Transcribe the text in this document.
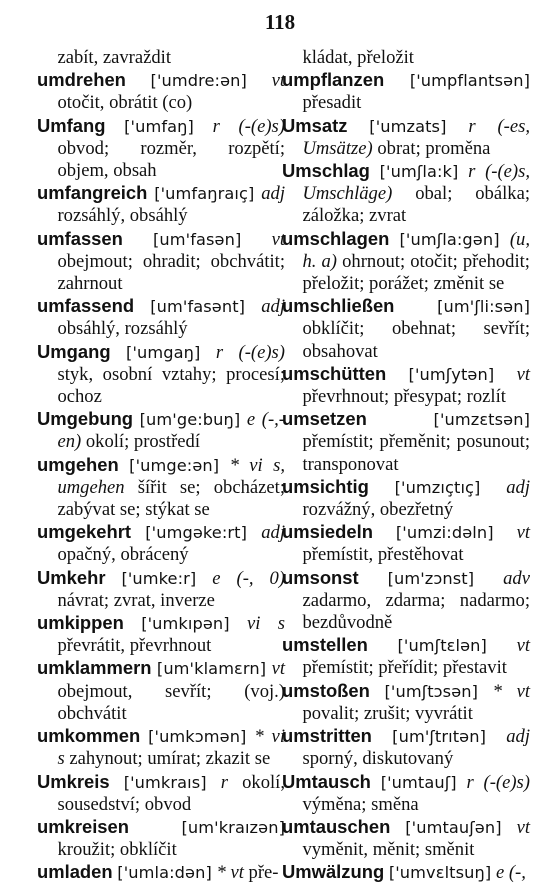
118

zabít, zavraždit

umdrehen ['umdre:ən] vt otočit, obrátit (co)

Umfang ['umfaŋ] r (-(e)s) obvod; rozměr, rozpětí; objem, obsah

umfangreich ['umfaŋraıç] adj rozsáhlý, obsáhlý

umfassen [um'fasən] vt obejmout; ohradit; obchvátit; zahrnout

umfassend [um'fasənt] adj obsáhlý, rozsáhlý

Umgang ['umgaŋ] r (-(e)s) styk, osobní vztahy; procesí; ochoz

Umgebung [um'ge:buŋ] e (-,-en) okolí; prostředí

umgehen ['umge:ən] * vi s, umgehen šířit se; obcházet; zabývat se; stýkat se

umgekehrt ['umgəke:rt] adj opačný, obrácený

Umkehr ['umke:r] e (-, 0) návrat; zvrat, inverze

umkippen ['umkıpən] vi s převrátit, převrhnout

umklammern [um'klamɛrn] vt obejmout, sevřít; (voj.) obchvátit

umkommen ['umkɔmən] * vi s zahynout; umírat; zkazit se

Umkreis ['umkraıs] r okolí, sousedství; obvod

umkreisen	[um'kraızən] kroužit; obklíčit

umladen ['umla:dən] * vt pře-

kládat, přeložit

umpflanzen ['umpflantsən] přesadit

Umsatz ['umzats] r (-es, Umsätze) obrat; proměna

Umschlag ['umʃla:k] r (-(e)s, Umschläge) obal; obálka; záložka; zvrat

umschlagen ['umʃla:gən] (u, h. a) ohrnout; otočit; přehodit; přeložit; porážet; změnit se

umschließen	[um'ʃli:sən] obklíčit; obehnat; sevřít; obsahovat

umschütten ['umʃytən] vt převrhnout; přesypat; rozlít

umsetzen	['umzɛtsən] přemístit; přeměnit; posunout; transponovat

umsichtig ['umzıçtıç] adj rozvážný, obezřetný

umsiedeln ['umzi:dəln] vt přemístit, přestěhovat

umsonst [um'zɔnst] adv zadarmo, zdarma; nadarmo; bezdůvodně

umstellen ['umʃtɛlən] vt přemístit; přeřídit; přestavit

umstoßen ['umʃtɔsən] * vt povalit; zrušit; vyvrátit

umstritten [um'ʃtrıtən] adj sporný, diskutovaný

Umtausch ['umtauʃ] r (-(e)s) výměna; směna

umtauschen ['umtauʃən] vt vyměnit, měnit; směnit

Umwälzung ['umvɛltsuŋ] e (-,
